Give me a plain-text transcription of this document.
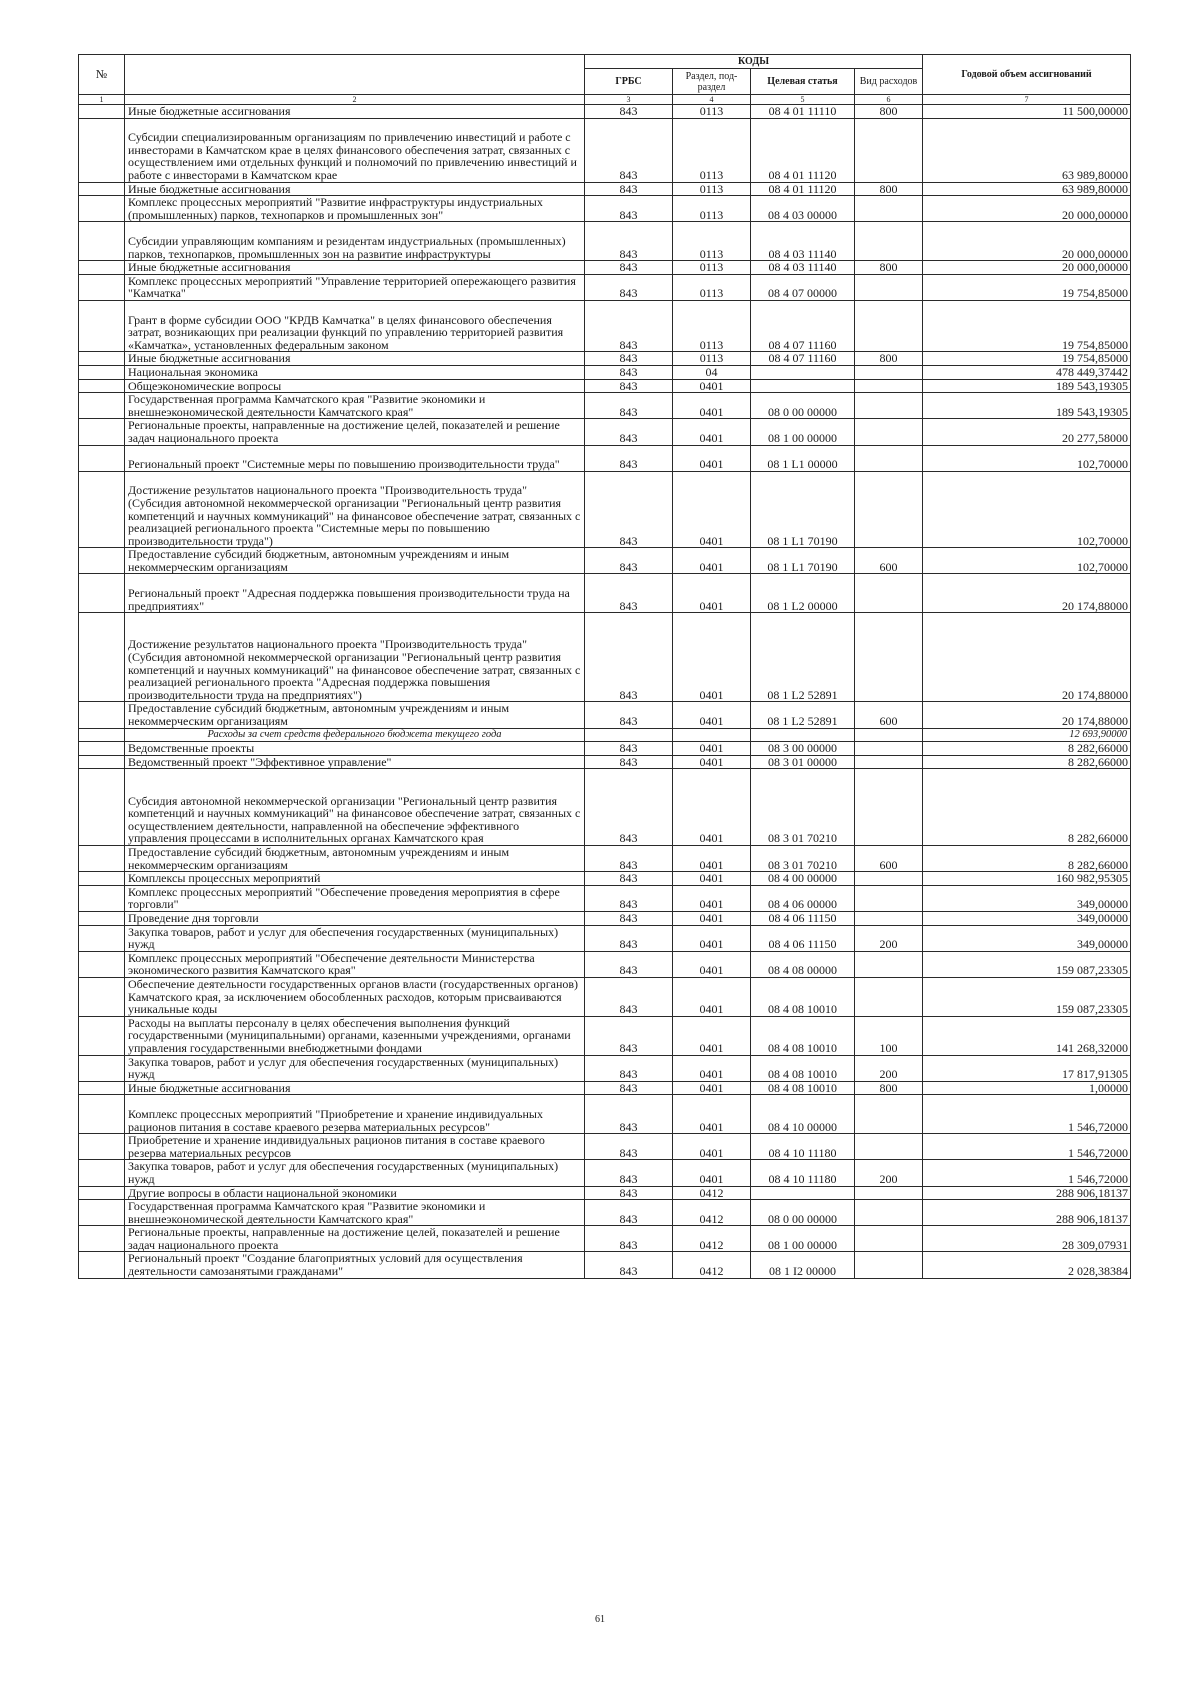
№		КОДЫ				Годовой объем ассигнований
		ГРБС	Раздел, под-раздел	Целевая статья	Вид расходов	
1	2	3	4	5	6	7
	Иные бюджетные ассигнования	843	0113	08 4 01 11110	800	11 500,00000
	Субсидии специализированным организациям по привлечению инвестиций и работе с инвесторами в Камчатском крае в целях финансового обеспечения затрат, связанных с осуществлением ими отдельных функций и полномочий по привлечению инвестиций и работе с инвесторами в Камчатском крае	843	0113	08 4 01 11120		63 989,80000
	Иные бюджетные ассигнования	843	0113	08 4 01 11120	800	63 989,80000
	Комплекс процессных мероприятий "Развитие инфраструктуры индустриальных (промышленных) парков, технопарков и промышленных зон"	843	0113	08 4 03 00000		20 000,00000
	Субсидии управляющим компаниям и резидентам индустриальных (промышленных) парков, технопарков, промышленных зон на развитие инфраструктуры	843	0113	08 4 03 11140		20 000,00000
	Иные бюджетные ассигнования	843	0113	08 4 03 11140	800	20 000,00000
	Комплекс процессных мероприятий "Управление территорией опережающего развития "Камчатка"	843	0113	08 4 07 00000		19 754,85000
	Грант в форме субсидии ООО "КРДВ Камчатка" в целях финансового обеспечения затрат, возникающих при реализации функций по управлению территорией развития «Камчатка», установленных федеральным законом	843	0113	08 4 07 11160		19 754,85000
	Иные бюджетные ассигнования	843	0113	08 4 07 11160	800	19 754,85000
	Национальная экономика	843	04			478 449,37442
	Общеэкономические вопросы	843	0401			189 543,19305
	Государственная программа Камчатского края "Развитие экономики и внешнеэкономической деятельности Камчатского края"	843	0401	08 0 00 00000		189 543,19305
	Региональные проекты, направленные на достижение целей, показателей и решение задач национального проекта	843	0401	08 1 00 00000		20 277,58000
	Региональный проект "Системные меры по повышению производительности труда"	843	0401	08 1 L1 00000		102,70000
	Достижение результатов национального проекта "Производительность труда" (Субсидия автономной некоммерческой организации "Региональный центр развития компетенций и научных коммуникаций" на финансовое обеспечение затрат, связанных с реализацией регионального проекта "Системные меры по повышению производительности труда")	843	0401	08 1 L1 70190		102,70000
	Предоставление субсидий бюджетным, автономным учреждениям и иным некоммерческим организациям	843	0401	08 1 L1 70190	600	102,70000
	Региональный проект "Адресная поддержка повышения производительности труда на предприятиях"	843	0401	08 1 L2 00000		20 174,88000
	Достижение результатов национального проекта "Производительность труда" (Субсидия автономной некоммерческой организации "Региональный центр развития компетенций и научных коммуникаций" на финансовое обеспечение затрат, связанных с реализацией регионального проекта "Адресная поддержка повышения производительности труда на предприятиях")	843	0401	08 1 L2 52891		20 174,88000
	Предоставление субсидий бюджетным, автономным учреждениям и иным некоммерческим организациям	843	0401	08 1 L2 52891	600	20 174,88000
	Расходы за счет средств федерального бюджета текущего года					12 693,90000
	Ведомственные проекты	843	0401	08 3 00 00000		8 282,66000
	Ведомственный проект "Эффективное управление"	843	0401	08 3 01 00000		8 282,66000
	Субсидия автономной некоммерческой организации "Региональный центр развития компетенций и научных коммуникаций" на финансовое обеспечение затрат, связанных с осуществлением деятельности, направленной на обеспечение эффективного управления процессами в исполнительных органах Камчатского края	843	0401	08 3 01 70210		8 282,66000
	Предоставление субсидий бюджетным, автономным учреждениям и иным некоммерческим организациям	843	0401	08 3 01 70210	600	8 282,66000
	Комплексы процессных мероприятий	843	0401	08 4 00 00000		160 982,95305
	Комплекс процессных мероприятий "Обеспечение проведения мероприятия в сфере торговли"	843	0401	08 4 06 00000		349,00000
	Проведение дня торговли	843	0401	08 4 06 11150		349,00000
	Закупка товаров, работ и услуг для обеспечения государственных (муниципальных) нужд	843	0401	08 4 06 11150	200	349,00000
	Комплекс процессных мероприятий "Обеспечение деятельности Министерства экономического развития Камчатского края"	843	0401	08 4 08 00000		159 087,23305
	Обеспечение деятельности государственных органов власти (государственных органов) Камчатского края, за исключением обособленных расходов, которым присваиваются уникальные коды	843	0401	08 4 08 10010		159 087,23305
	Расходы на выплаты персоналу в целях обеспечения выполнения функций государственными (муниципальными) органами, казенными учреждениями, органами управления государственными внебюджетными фондами	843	0401	08 4 08 10010	100	141 268,32000
	Закупка товаров, работ и услуг для обеспечения государственных (муниципальных) нужд	843	0401	08 4 08 10010	200	17 817,91305
	Иные бюджетные ассигнования	843	0401	08 4 08 10010	800	1,00000
	Комплекс процессных мероприятий "Приобретение и хранение индивидуальных рационов питания в составе краевого резерва материальных ресурсов"	843	0401	08 4 10 00000		1 546,72000
	Приобретение и хранение индивидуальных рационов питания в составе краевого резерва материальных ресурсов	843	0401	08 4 10 11180		1 546,72000
	Закупка товаров, работ и услуг для обеспечения государственных (муниципальных) нужд	843	0401	08 4 10 11180	200	1 546,72000
	Другие вопросы в области национальной экономики	843	0412			288 906,18137
	Государственная программа Камчатского края "Развитие экономики и внешнеэкономической деятельности Камчатского края"	843	0412	08 0 00 00000		288 906,18137
	Региональные проекты, направленные на достижение целей, показателей и решение задач национального проекта	843	0412	08 1 00 00000		28 309,07931
	Региональный проект "Создание благоприятных условий для осуществления деятельности самозанятыми гражданами"	843	0412	08 1 I2 00000		2 028,38384
61
